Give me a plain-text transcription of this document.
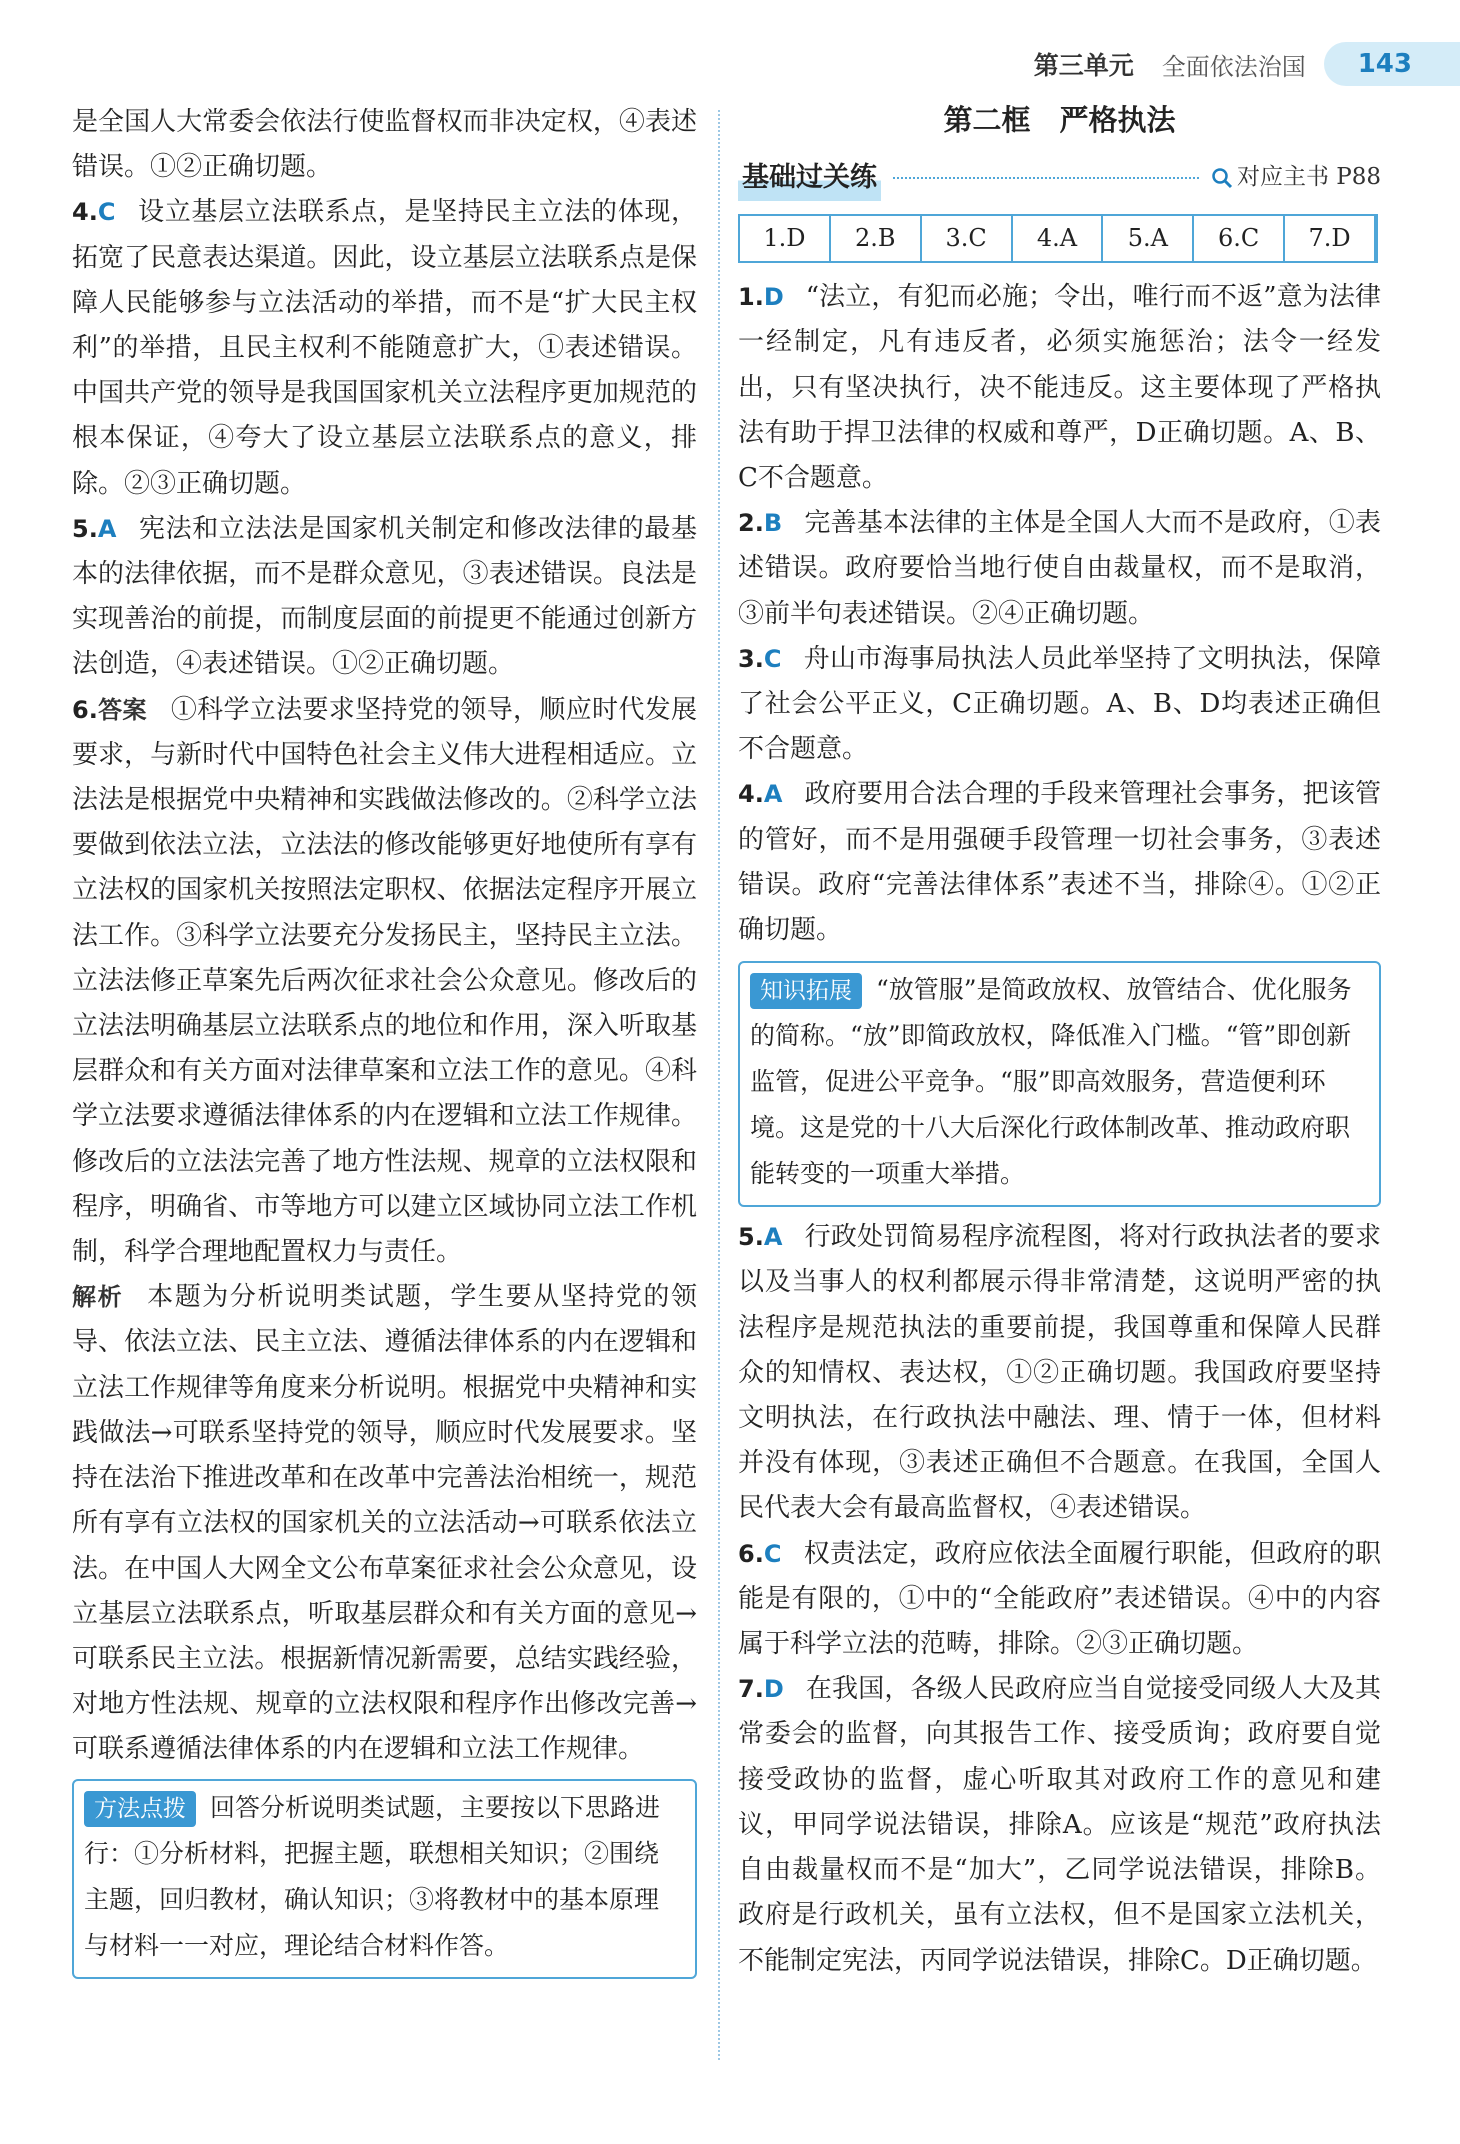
第三单元 全面依法治国	143

是全国人大常委会依法行使监督权而非决定权，④表述错误。①②正确切题。

4.C 设立基层立法联系点，是坚持民主立法的体现，拓宽了民意表达渠道。因此，设立基层立法联系点是保障人民能够参与立法活动的举措，而不是“扩大民主权利”的举措，且民主权利不能随意扩大，①表述错误。中国共产党的领导是我国国家机关立法程序更加规范的根本保证，④夸大了设立基层立法联系点的意义，排除。②③正确切题。

5.A 宪法和立法法是国家机关制定和修改法律的最基本的法律依据，而不是群众意见，③表述错误。良法是实现善治的前提，而制度层面的前提更不能通过创新方法创造，④表述错误。①②正确切题。

6.答案 ①科学立法要求坚持党的领导，顺应时代发展要求，与新时代中国特色社会主义伟大进程相适应。立法法是根据党中央精神和实践做法修改的。②科学立法要做到依法立法，立法法的修改能够更好地使所有享有立法权的国家机关按照法定职权、依据法定程序开展立法工作。③科学立法要充分发扬民主，坚持民主立法。立法法修正草案先后两次征求社会公众意见。修改后的立法法明确基层立法联系点的地位和作用，深入听取基层群众和有关方面对法律草案和立法工作的意见。④科学立法要求遵循法律体系的内在逻辑和立法工作规律。修改后的立法法完善了地方性法规、规章的立法权限和程序，明确省、市等地方可以建立区域协同立法工作机制，科学合理地配置权力与责任。

解析 本题为分析说明类试题，学生要从坚持党的领导、依法立法、民主立法、遵循法律体系的内在逻辑和立法工作规律等角度来分析说明。根据党中央精神和实践做法→可联系坚持党的领导，顺应时代发展要求。坚持在法治下推进改革和在改革中完善法治相统一，规范所有享有立法权的国家机关的立法活动→可联系依法立法。在中国人大网全文公布草案征求社会公众意见，设立基层立法联系点，听取基层群众和有关方面的意见→可联系民主立法。根据新情况新需要，总结实践经验，对地方性法规、规章的立法权限和程序作出修改完善→可联系遵循法律体系的内在逻辑和立法工作规律。

方法点拨 回答分析说明类试题，主要按以下思路进行：①分析材料，把握主题，联想相关知识；②围绕主题，回归教材，确认知识；③将教材中的基本原理与材料一一对应，理论结合材料作答。
第二框　严格执法
基础过关练	对应主书 P88
1.D	2.B	3.C	4.A	5.A	6.C	7.D	

1.D “法立，有犯而必施；令出，唯行而不返”意为法律一经制定，凡有违反者，必须实施惩治；法令一经发出，只有坚决执行，决不能违反。这主要体现了严格执法有助于捍卫法律的权威和尊严，D正确切题。A、B、C不合题意。

2.B 完善基本法律的主体是全国人大而不是政府，①表述错误。政府要恰当地行使自由裁量权，而不是取消，③前半句表述错误。②④正确切题。

3.C 舟山市海事局执法人员此举坚持了文明执法，保障了社会公平正义，C正确切题。A、B、D均表述正确但不合题意。

4.A 政府要用合法合理的手段来管理社会事务，把该管的管好，而不是用强硬手段管理一切社会事务，③表述错误。政府“完善法律体系”表述不当，排除④。①②正确切题。

知识拓展 “放管服”是简政放权、放管结合、优化服务的简称。“放”即简政放权，降低准入门槛。“管”即创新监管，促进公平竞争。“服”即高效服务，营造便利环境。这是党的十八大后深化行政体制改革、推动政府职能转变的一项重大举措。

5.A 行政处罚简易程序流程图，将对行政执法者的要求以及当事人的权利都展示得非常清楚，这说明严密的执法程序是规范执法的重要前提，我国尊重和保障人民群众的知情权、表达权，①②正确切题。我国政府要坚持文明执法，在行政执法中融法、理、情于一体，但材料并没有体现，③表述正确但不合题意。在我国，全国人民代表大会有最高监督权，④表述错误。

6.C 权责法定，政府应依法全面履行职能，但政府的职能是有限的，①中的“全能政府”表述错误。④中的内容属于科学立法的范畴，排除。②③正确切题。

7.D 在我国，各级人民政府应当自觉接受同级人大及其常委会的监督，向其报告工作、接受质询；政府要自觉接受政协的监督，虚心听取其对政府工作的意见和建议，甲同学说法错误，排除A。应该是“规范”政府执法自由裁量权而不是“加大”，乙同学说法错误，排除B。政府是行政机关，虽有立法权，但不是国家立法机关，不能制定宪法，丙同学说法错误，排除C。D正确切题。
